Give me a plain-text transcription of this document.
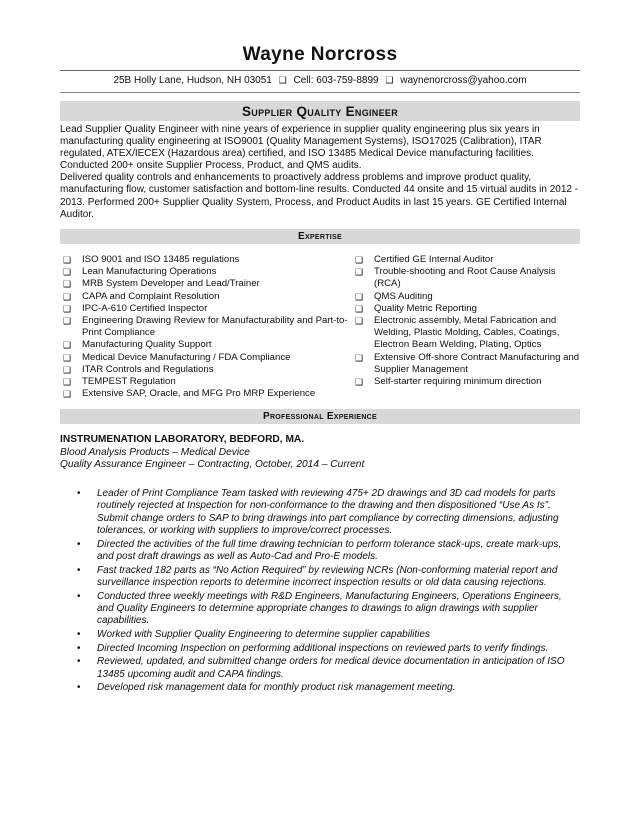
Wayne Norcross
25B Holly Lane, Hudson, NH 03051 ❑ Cell: 603-759-8899 ❑ waynenorcross@yahoo.com
Supplier Quality Engineer

Lead Supplier Quality Engineer with nine years of experience in supplier quality engineering plus six years in manufacturing quality engineering at ISO9001 (Quality Management Systems), ISO17025 (Calibration), ITAR regulated, ATEX/IECEX (Hazardous area) certified, and ISO 13485 Medical Device manufacturing facilities. Conducted 200+ onsite Supplier Process, Product, and QMS audits.

Delivered quality controls and enhancements to proactively address problems and improve product quality, manufacturing flow, customer satisfaction and bottom-line results. Conducted 44 onsite and 15 virtual audits in 2012 - 2013. Performed 200+ Supplier Quality System, Process, and Product Audits in last 15 years. GE Certified Internal Auditor.

Expertise
❑ ISO 9001 and ISO 13485 regulations
❑ Lean Manufacturing Operations
❑ MRB System Developer and Lead/Trainer
❑ CAPA and Complaint Resolution
❑ IPC-A-610 Certified Inspector
❑ Engineering Drawing Review for Manufacturability and Part-to-Print Compliance
❑ Manufacturing Quality Support
❑ Medical Device Manufacturing / FDA Compliance
❑ ITAR Controls and Regulations
❑ TEMPEST Regulation
❑ Extensive SAP, Oracle, and MFG Pro MRP Experience
❑ Certified GE Internal Auditor
❑ Trouble-shooting and Root Cause Analysis (RCA)
❑ QMS Auditing
❑ Quality Metric Reporting
❑ Electronic assembly, Metal Fabrication and Welding, Plastic Molding, Cables, Coatings, Electron Beam Welding, Plating, Optics
❑ Extensive Off-shore Contract Manufacturing and Supplier Management
❑ Self-starter requiring minimum direction
Professional Experience
INSTRUMENATION LABORATORY, BEDFORD, MA.
Blood Analysis Products – Medical Device
Quality Assurance Engineer – Contracting, October, 2014 – Current
• Leader of Print Compliance Team tasked with reviewing 475+ 2D drawings and 3D cad models for parts routinely rejected at Inspection for non-conformance to the drawing and then dispositioned “Use As Is”. Submit change orders to SAP to bring drawings into part compliance by correcting dimensions, adjusting tolerances, or working with suppliers to improve/correct processes.
• Directed the activities of the full time drawing technician to perform tolerance stack-ups, create mark-ups, and post draft drawings as well as Auto-Cad and Pro-E models.
• Fast tracked 182 parts as “No Action Required” by reviewing NCRs (Non-conforming material report and surveillance inspection reports to determine incorrect inspection results or old data causing rejections.
• Conducted three weekly meetings with R&D Engineers, Manufacturing Engineers, Operations Engineers, and Quality Engineers to determine appropriate changes to drawings to align drawings with supplier capabilities.
• Worked with Supplier Quality Engineering to determine supplier capabilities
• Directed Incoming Inspection on performing additional inspections on reviewed parts to verify findings.
• Reviewed, updated, and submitted change orders for medical device documentation in anticipation of ISO 13485 upcoming audit and CAPA findings.
• Developed risk management data for monthly product risk management meeting.
